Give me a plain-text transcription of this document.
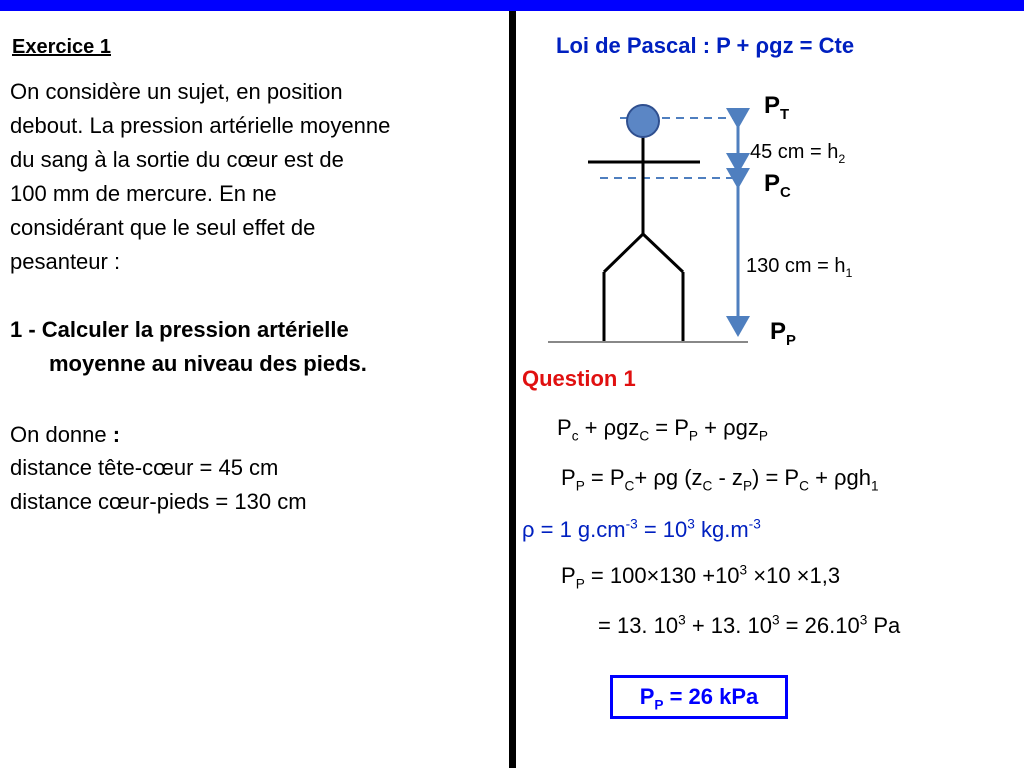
Exercice 1
On considère un sujet, en position
debout. La pression artérielle moyenne
du sang à la sortie du cœur est de
100 mm de mercure. En ne
considérant que le seul effet de
pesanteur :
1 - Calculer la pression artérielle
moyenne au niveau des pieds.
On donne :
distance tête-cœur = 45 cm
distance cœur-pieds = 130 cm
Loi de Pascal : P + ρgz = Cte
$P_T$
45 cm = $h_2$
$P_C$
130 cm = $h_1$
$P_P$
Question 1
$P_c + \rho gz_C = P_P + \rho gz_P$
$P_P = P_C+ \rho g$ $(z_C - z_P) = P_C + \rho gh_1$
ρ = 1 $g.cm^{-3} = 10^3$ $kg.m^{-3}$
$P_P = 100\times 130 +10^3 \times 10 \times 1,3$
= 13. $10^3 + 13$. $10^3 = 26.10^3$ Pa
$P_P = 26$ kPa
